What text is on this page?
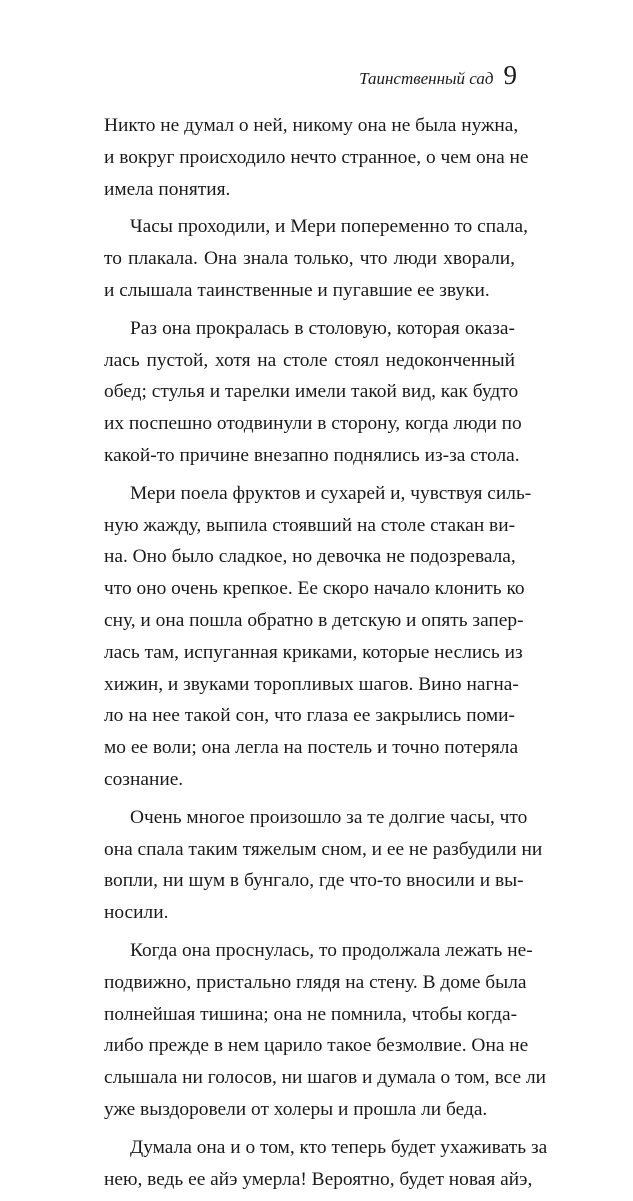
Таинственный сад 9
Никто не думал о ней, никому она не была нужна,
и вокруг происходило нечто странное, о чем она не
имела понятия.
Часы проходили, и Мери попеременно то спала,
то плакала. Она знала только, что люди хворали,
и слышала таинственные и пугавшие ее звуки.
Раз она прокралась в столовую, которая оказа-
лась пустой, хотя на столе стоял недоконченный
обед; стулья и тарелки имели такой вид, как будто
их поспешно отодвинули в сторону, когда люди по
какой-то причине внезапно поднялись из-за стола.
Мери поела фруктов и сухарей и, чувствуя силь-
ную жажду, выпила стоявший на столе стакан ви-
на. Оно было сладкое, но девочка не подозревала,
что оно очень крепкое. Ее скоро начало клонить ко
сну, и она пошла обратно в детскую и опять запер-
лась там, испуганная криками, которые неслись из
хижин, и звуками торопливых шагов. Вино нагна-
ло на нее такой сон, что глаза ее закрылись поми-
мо ее воли; она легла на постель и точно потеряла
сознание.
Очень многое произошло за те долгие часы, что
она спала таким тяжелым сном, и ее не разбудили ни
вопли, ни шум в бунгало, где что-то вносили и вы-
носили.
Когда она проснулась, то продолжала лежать не-
подвижно, пристально глядя на стену. В доме была
полнейшая тишина; она не помнила, чтобы когда-
либо прежде в нем царило такое безмолвие. Она не
слышала ни голосов, ни шагов и думала о том, все ли
уже выздоровели от холеры и прошла ли беда.
Думала она и о том, кто теперь будет ухаживать за
нею, ведь ее айэ умерла! Вероятно, будет новая айэ,
